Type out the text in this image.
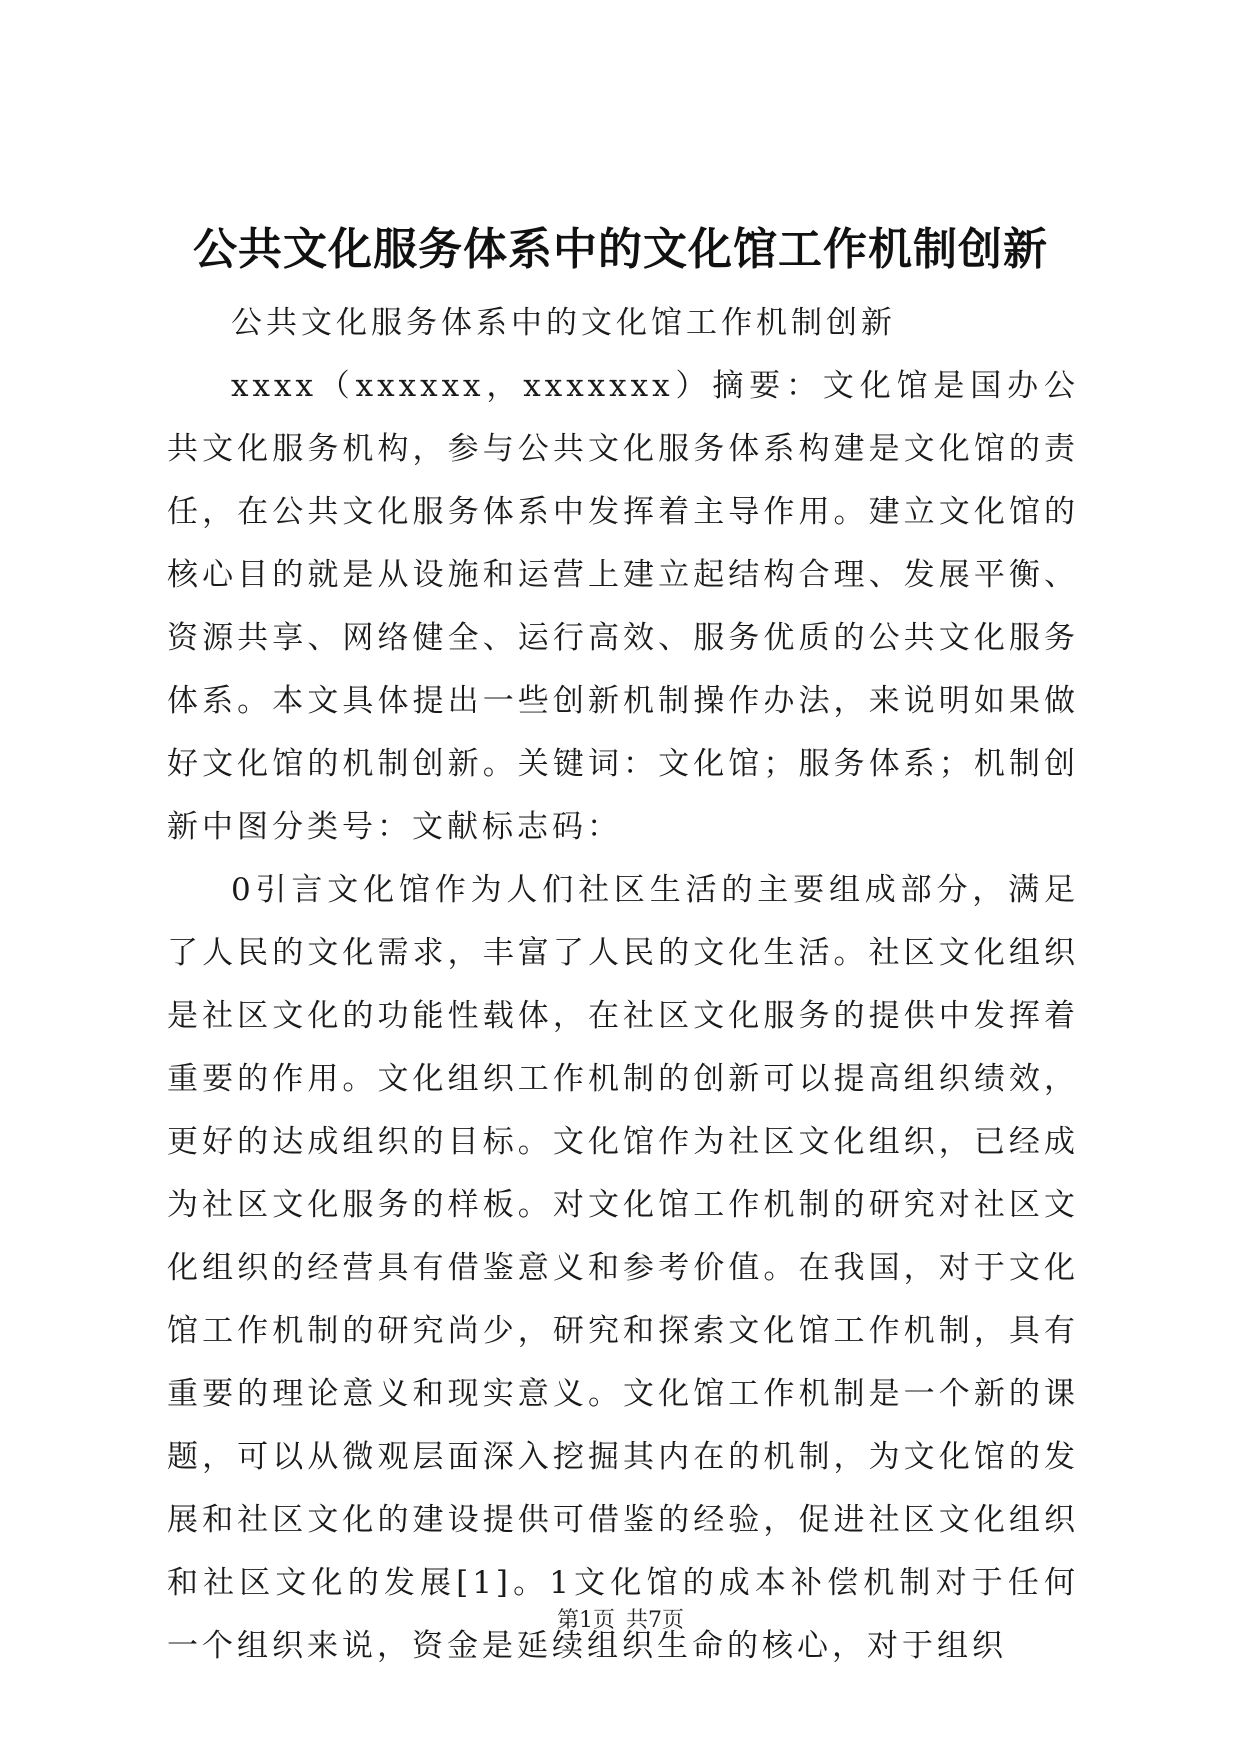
公共文化服务体系中的文化馆工作机制创新

公共文化服务体系中的文化馆工作机制创新

xxxx（xxxxxx，xxxxxxx）摘要：文化馆是国办公共文化服务机构，参与公共文化服务体系构建是文化馆的责任，在公共文化服务体系中发挥着主导作用。建立文化馆的核心目的就是从设施和运营上建立起结构合理、发展平衡、资源共享、网络健全、运行高效、服务优质的公共文化服务体系。本文具体提出一些创新机制操作办法，来说明如果做好文化馆的机制创新。关键词：文化馆；服务体系；机制创新中图分类号：文献标志码：

0引言文化馆作为人们社区生活的主要组成部分，满足了人民的文化需求，丰富了人民的文化生活。社区文化组织是社区文化的功能性载体，在社区文化服务的提供中发挥着重要的作用。文化组织工作机制的创新可以提高组织绩效，更好的达成组织的目标。文化馆作为社区文化组织，已经成为社区文化服务的样板。对文化馆工作机制的研究对社区文化组织的经营具有借鉴意义和参考价值。在我国，对于文化馆工作机制的研究尚少，研究和探索文化馆工作机制，具有重要的理论意义和现实意义。文化馆工作机制是一个新的课题，可以从微观层面深入挖掘其内在的机制，为文化馆的发展和社区文化的建设提供可借鉴的经验，促进社区文化组织和社区文化的发展[1]。1文化馆的成本补偿机制对于任何一个组织来说，资金是延续组织生命的核心，对于组织

第1页 共7页
